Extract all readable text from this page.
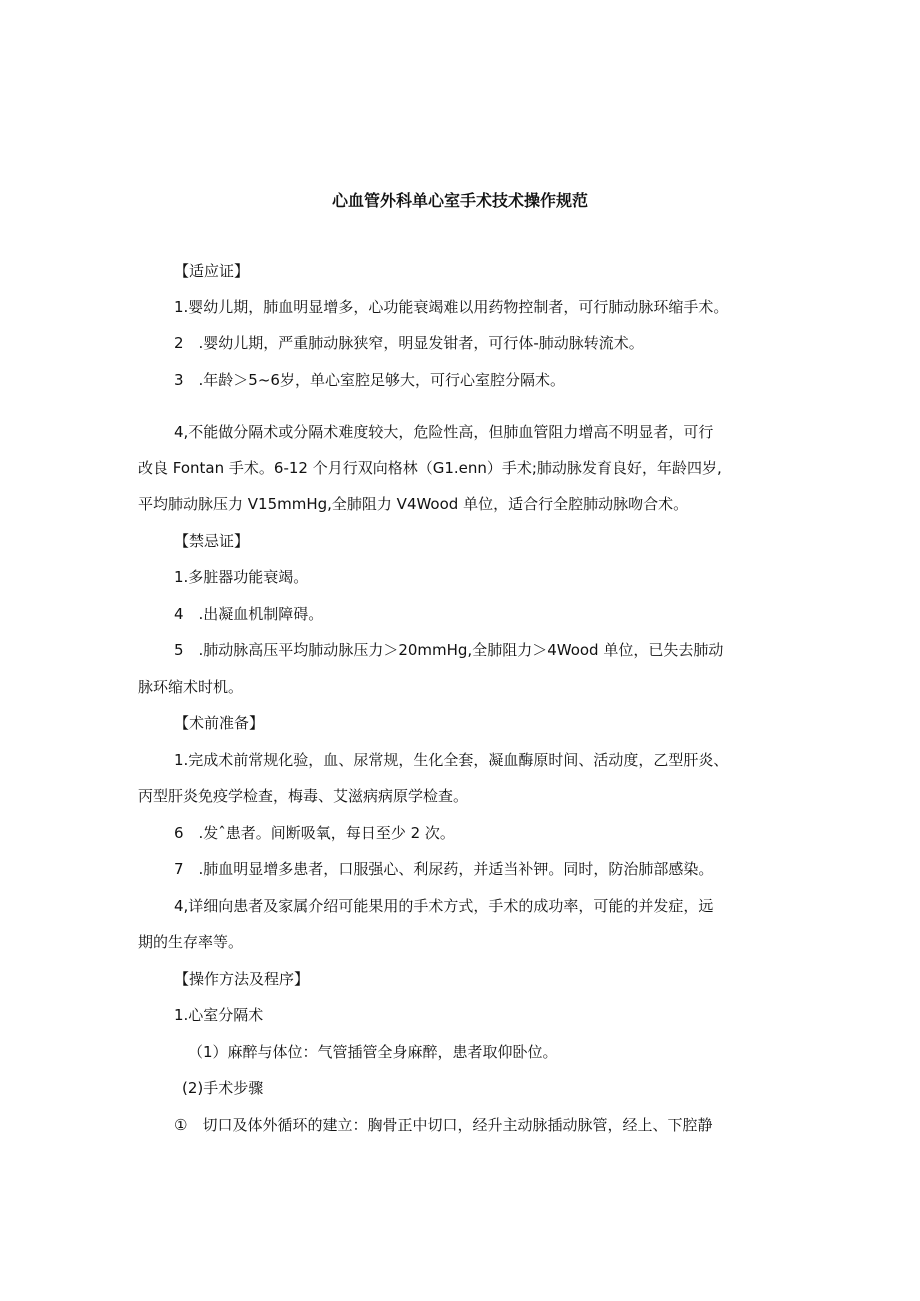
心血管外科单心室手术技术操作规范
【适应证】
1.婴幼儿期，肺血明显增多，心功能衰竭难以用药物控制者，可行肺动脉环缩手术。
2　.婴幼儿期，严重肺动脉狭窄，明显发钳者，可行体-肺动脉转流术。
3　.年龄＞5~6岁，单心室腔足够大，可行心室腔分隔术。
4,不能做分隔术或分隔术难度较大，危险性高，但肺血管阻力增高不明显者，可行
改良 Fontan 手术。6-12 个月行双向格林（G1.enn）手术;肺动脉发育良好，年龄四岁,
平均肺动脉压力 V15mmHg,全肺阻力 V4Wood 单位，适合行全腔肺动脉吻合术。
【禁忌证】
1.多脏器功能衰竭。
4　.出凝血机制障碍。
5　.肺动脉高压平均肺动脉压力＞20mmHg,全肺阻力＞4Wood 单位，已失去肺动
脉环缩术时机。
【术前准备】
1.完成术前常规化验，血、尿常规，生化全套，凝血酶原时间、活动度，乙型肝炎、
丙型肝炎免疫学检查，梅毒、艾滋病病原学检查。
6　.发ˆ患者。间断吸氧，每日至少 2 次。
7　.肺血明显增多患者，口服强心、利尿药，并适当补钾。同时，防治肺部感染。
4,详细向患者及家属介绍可能果用的手术方式，手术的成功率，可能的并发症，远
期的生存率等。
【操作方法及程序】
1.心室分隔术
（1）麻醉与体位：气管插管全身麻醉，患者取仰卧位。
(2)手术步骤
①　切口及体外循环的建立：胸骨正中切口，经升主动脉插动脉管，经上、下腔静
